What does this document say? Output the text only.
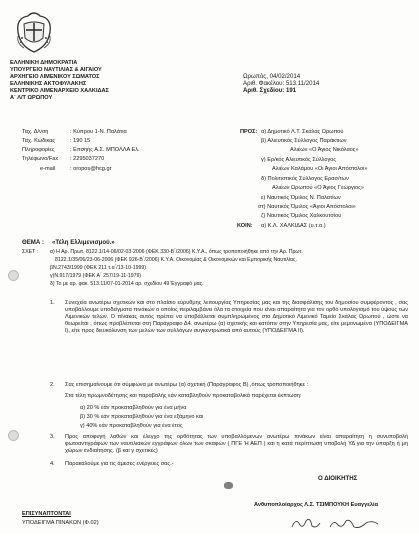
ΕΛΛΗΝΙΚΗ ΔΗΜΟΚΡΑΤΙΑ
ΥΠΟΥΡΓΕΙΟ ΝΑΥΤΙΛΙΑΣ & ΑΙΓΑΙΟΥ
ΑΡΧΗΓΕΙΟ ΛΙΜΕΝΙΚΟΥ ΣΩΜΑΤΟΣ
ΕΛΛΗΝΙΚΗΣ ΑΚΤΟΦΥΛΑΚΗΣ
ΚΕΝΤΡΙΚΟ ΛΙΜΕΝΑΡΧΕΙΟ ΧΑΛΚΙΔΑΣ
Α΄ Λ/Τ ΩΡΩΠΟΥ
Ωρωπός, 04/02/2014
Αριθ. Φακέλου: 513.11/2014
Αριθ. Σχεδίου: 191
Ταχ. Δ/νση	: Κύπρου 1-Ν. Παλάτια
Ταχ. Κώδικας	: 190 15
Πληροφορίες	: Επσηής Α.Σ. ΜΠΟΛΛΑ Ελ.
Τηλέφωνο/Fax : 2295037270
e-mail	: oropos@hcg.gr
ΠΡΟΣ: α) Δημοτικό Λ.Τ. Σκάλας Ωρωπού
β) Αλιευτικός Σύλλογος Παράκτιων
Αλιέων «Ο Άγιος Νικόλαος»
γ) Ερ/κός Αλιευτικός Σύλλογος
Αλιέων Καλάμου «Οι Άγιοι Απόστολοι»
δ) Πολιτιστικός Σύλλογος Ερασ/των
Αλιέων Ωρωπού «Ο Άγιος Γεώργιος»
ε) Ναυτικός Όμιλος Ν. Παλατίων
στ) Ναυτικός Όμιλος «Άγιοι Απόστολοι»
ζ) Ναυτικός Όμιλος Χαλκουτσίου
ΚΟΙΝ: α) Κ.Λ. ΧΑΛΚΙΔΑΣ (υ.τ.α.)
ΘΕΜΑ : «Τέλη Ελλιμενισμού.»
ΣΧΕΤ : α) Η Αρ. Πρωτ. 8122.1/14-06/02-03-2006 (ΦΕΚ 330-Β΄/2006) Κ.Υ.Α., όπως τροποποιήθηκε από την Αρ. Πρωτ.
8122.1/35/06/23-06-2006 (ΦΕΚ 926-Β΄/2006) Κ.Υ.Α. Οικονομίας & Οικονομικών και Εμπορικής Ναυτιλίας.
βΝ.2743/1999 (ΦΕΚ 211 τ.α΄/13-10-1999)
γ)Ν.917/1979 (ΦΕΚ Α΄ 257/19-11-1979)
δ) Το με αρ. φακ. 513.11/07-01-2014 αρ. σχεδίου 49 Έγγραφό μας.
1. Συνεχεία ανωτέρω σχετικών και στο πλαίσιο εύρυθμης λειτουργίας Υπηρεσίας μας και της διασφάλισης του δημοσίου συμφέροντος , σας υποβάλλουμε υποδείγματα πινάκων ο οποίος περιλαμβάνει όλα τα στοιχεία που είναι απαραίτητα για τον ορθό υπολογισμό του ύψους των Λιμενικών τελών. Ο πίνακας αυτός πρέπει να υποβάλλεται συμπληρωμένος στο Δημοτικό Λιμενικό Ταμείο Σκάλας Ωρωπού , ώστε να θεωρείται , όπως προβλέπεται στη Παράγραφο Δ4. ανωτέρω (α) σχετικής και κατόπιν στην Υπηρεσία μας, είτε μεμονωμένα (ΥΠΟΔΕΙΓΜΑ Ι), είτε προς διευκόλυνση των μελών των συλλόγων συγκεντρωτικά από αυτούς (ΥΠΟΔΕΙΓΜΑ ΙΙ).
2. Σας επισημαίνουμε ότι σύμφωνα με ανωτέρω (α) σχετική (Παράγραφος Β) ,όπως τροποποιήθηκε :
Στα τέλη πρωμνοδέτησης και παραβολής εάν καταβληθούν προκαταβολικά παρέχεται έκπτωση:
α) 20 % εάν προκαταβληθούν για ένα μήνα
β) 30 % εάν προκαταβληθούν για ένα εξάμηνο και
γ) 40% εάν προκαταβληθούν για ένα έτος
3. Προς αποφυγή λαθών και έλεγχο της ορθότητας των υποβαλλόμενων ανωτέρω πινάκων είναι απαραίτητη η συνυποβολή φωτοαντιγράφων των ναυτιλιακών εγγράφων όλων των σκαφών ( ΠΓΕ Ή ΑΕΠ ) και η κατά περίπτωση υποβολή ΥΔ για την ύπαρξη ή μη χώρων ενδιαίτησης. (β και γ σχετικές)
4. Παρακαλούμε για τις άμεσες ενέργειες σας.-
Ο ΔΙΟΙΚΗΤΗΣ
Ανθυποπλοίαρχος Λ.Σ. ΤΣΙΜΠΟΥΚΗ Ευαγγελία
ΕΠΙΣΥΝΑΠΤΟΝΤΑΙ
ΥΠΟΔΕΙΓΜΑ ΠΙΝΑΚΩΝ (Φ.02)
